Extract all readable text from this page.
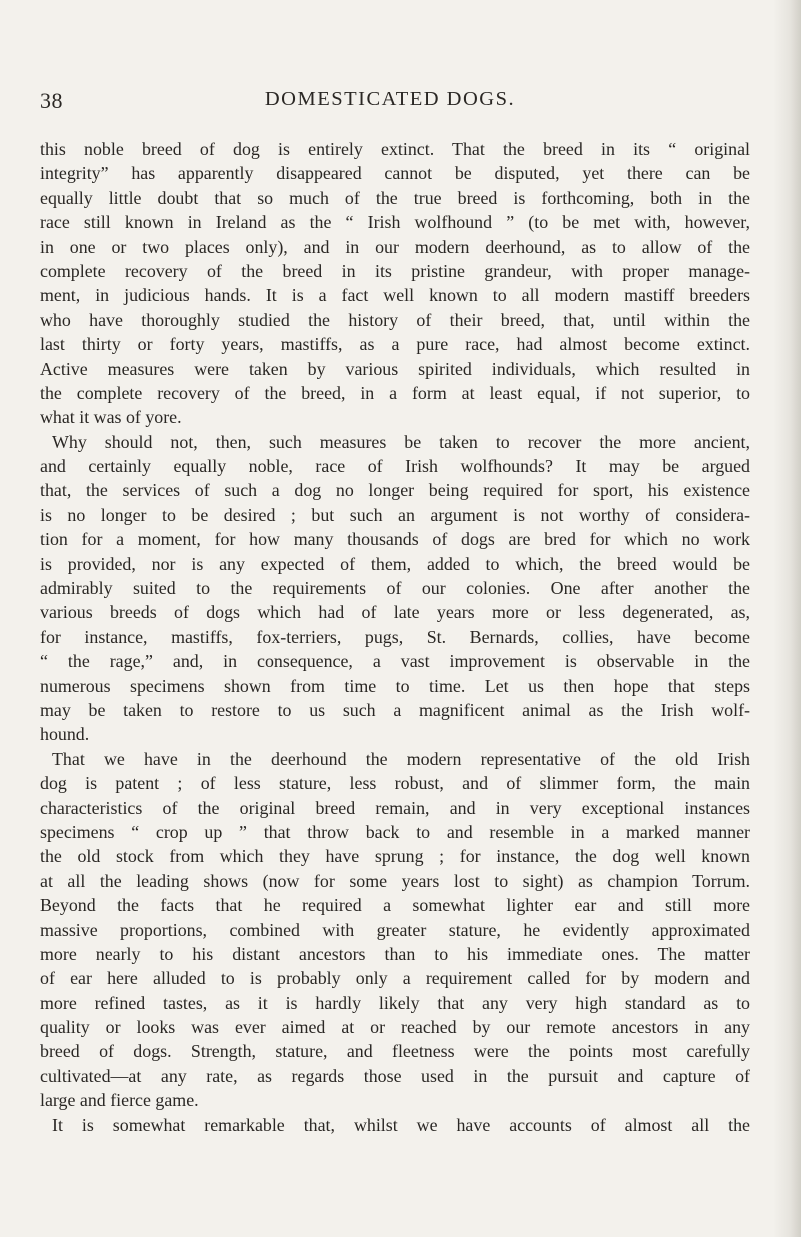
38	DOMESTICATED DOGS.
this noble breed of dog is entirely extinct. That the breed in its “ original
integrity” has apparently disappeared cannot be disputed, yet there can be
equally little doubt that so much of the true breed is forthcoming, both in the
race still known in Ireland as the “ Irish wolfhound ” (to be met with, however,
in one or two places only), and in our modern deerhound, as to allow of the
complete recovery of the breed in its pristine grandeur, with proper manage-
ment, in judicious hands. It is a fact well known to all modern mastiff breeders
who have thoroughly studied the history of their breed, that, until within the
last thirty or forty years, mastiffs, as a pure race, had almost become extinct.
Active measures were taken by various spirited individuals, which resulted in
the complete recovery of the breed, in a form at least equal, if not superior, to
what it was of yore.
Why should not, then, such measures be taken to recover the more ancient,
and certainly equally noble, race of Irish wolfhounds? It may be argued
that, the services of such a dog no longer being required for sport, his existence
is no longer to be desired ; but such an argument is not worthy of considera-
tion for a moment, for how many thousands of dogs are bred for which no work
is provided, nor is any expected of them, added to which, the breed would be
admirably suited to the requirements of our colonies. One after another the
various breeds of dogs which had of late years more or less degenerated, as,
for instance, mastiffs, fox-terriers, pugs, St. Bernards, collies, have become
“ the rage,” and, in consequence, a vast improvement is observable in the
numerous specimens shown from time to time. Let us then hope that steps
may be taken to restore to us such a magnificent animal as the Irish wolf-
hound.
That we have in the deerhound the modern representative of the old Irish
dog is patent ; of less stature, less robust, and of slimmer form, the main
characteristics of the original breed remain, and in very exceptional instances
specimens “ crop up ” that throw back to and resemble in a marked manner
the old stock from which they have sprung ; for instance, the dog well known
at all the leading shows (now for some years lost to sight) as champion Torrum.
Beyond the facts that he required a somewhat lighter ear and still more
massive proportions, combined with greater stature, he evidently approximated
more nearly to his distant ancestors than to his immediate ones. The matter
of ear here alluded to is probably only a requirement called for by modern and
more refined tastes, as it is hardly likely that any very high standard as to
quality or looks was ever aimed at or reached by our remote ancestors in any
breed of dogs. Strength, stature, and fleetness were the points most carefully
cultivated—at any rate, as regards those used in the pursuit and capture of
large and fierce game.
It is somewhat remarkable that, whilst we have accounts of almost all the
